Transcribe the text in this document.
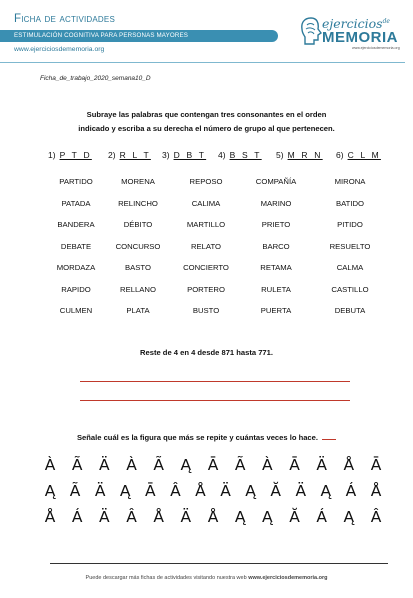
Ficha de actividades
ESTIMULACIÓN COGNITIVA PARA PERSONAS MAYORES
www.ejerciciosdememoria.org
ejercicios$^{de}$
MEMORIA
www.ejerciciosdememoria.org
Ficha_de_trabajo_2020_semana10_D
Subraye las palabras que contengan tres consonantes en el orden
indicado y escriba a su derecha el número de grupo al que pertenecen.
1) P T D 2) R L T 3) D B T 4) B S T 5) M R N 6) C L M
PARTIDO	MORENA	REPOSO	COMPAÑÍA	MIRONA
PATADA	RELINCHO	CALIMA	MARINO	BATIDO
BANDERA	DÉBITO	MARTILLO	PRIETO	PITIDO
DEBATE	CONCURSO	RELATO	BARCO	RESUELTO
MORDAZA	BASTO	CONCIERTO	RETAMA	CALMA
RAPIDO	RELLANO	PORTERO	RULETA	CASTILLO
CULMEN	PLATA	BUSTO	PUERTA	DEBUTA
Reste de 4 en 4 desde 871 hasta 771.
Señale cuál es la figura que más se repite y cuántas veces lo hace.
À	Ã	Ä	À	Ã	Ą	Ā	Ã	À	Ā	Ä	Å	Ā
Ą Ã Ä Ą Ā Â Å Ä Ą Ă Ä Ą Á Å
Å	Á	Ä	Â	Å	Ä	Å	Ą	Ą	Ă	Á	Ą	Â
Puede descargar más fichas de actividades visitando nuestra web www.ejerciciosdememoria.org
